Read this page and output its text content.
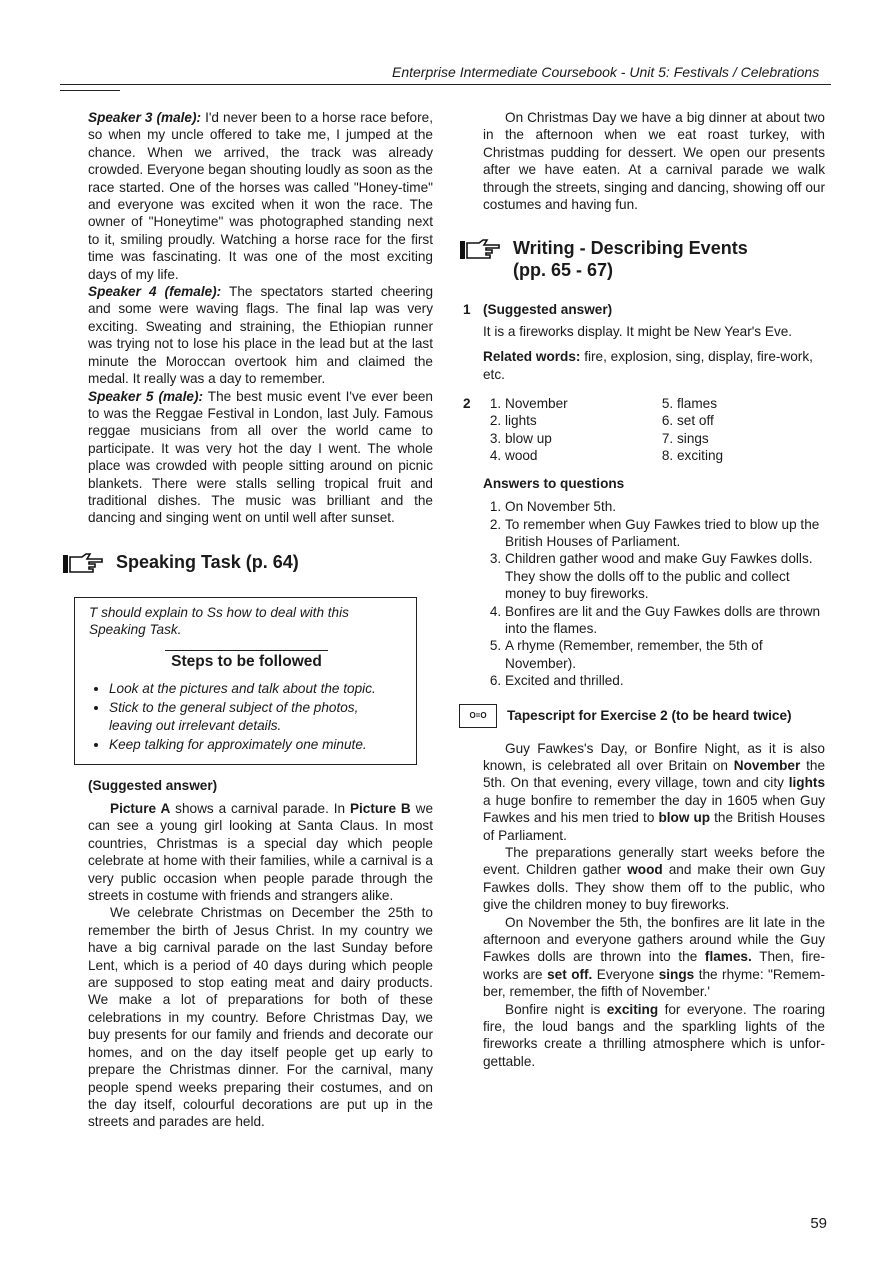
Enterprise Intermediate Coursebook - Unit 5: Festivals / Celebrations

Speaker 3 (male): I'd never been to a horse race before, so when my uncle offered to take me, I jumped at the chance. When we arrived, the track was already crowded. Everyone began shouting loudly as soon as the race started. One of the horses was called "Honey-time" and everyone was excited when it won the race. The owner of "Honeytime" was photographed standing next to it, smiling proudly. Watching a horse race for the first time was fascinating. It was one of the most exciting days of my life.

Speaker 4 (female): The spectators started cheering and some were waving flags. The final lap was very exciting. Sweating and straining, the Ethiopian runner was trying not to lose his place in the lead but at the last minute the Moroccan overtook him and claimed the medal. It really was a day to remember.

Speaker 5 (male): The best music event I've ever been to was the Reggae Festival in London, last July. Famous reggae musicians from all over the world came to participate. It was very hot the day I went. The whole place was crowded with people sitting around on picnic blankets. There were stalls selling tropical fruit and traditional dishes. The music was brilliant and the dancing and singing went on until well after sunset.

Speaking Task (p. 64)
T should explain to Ss how to deal with this Speaking Task.
Steps to be followed
• Look at the pictures and talk about the topic.
• Stick to the general subject of the photos, leaving out irrelevant details.
• Keep talking for approximately one minute.
(Suggested answer)

Picture A shows a carnival parade. In Picture B we can see a young girl looking at Santa Claus. In most countries, Christmas is a special day which people celebrate at home with their families, while a carnival is a very public occasion when people parade through the streets in costume with friends and strangers alike.

We celebrate Christmas on December the 25th to remember the birth of Jesus Christ. In my country we have a big carnival parade on the last Sunday before Lent, which is a period of 40 days during which people are supposed to stop eating meat and dairy products. We make a lot of preparations for both of these celebrations in my country. Before Christmas Day, we buy presents for our family and friends and decorate our homes, and on the day itself people get up early to prepare the Christmas dinner. For the carnival, many people spend weeks preparing their costumes, and on the day itself, colourful decorations are put up in the streets and parades are held.

On Christmas Day we have a big dinner at about two in the afternoon when we eat roast turkey, with Christmas pudding for dessert. We open our presents after we have eaten. At a carnival parade we walk through the streets, singing and dancing, showing off our costumes and having fun.

Writing - Describing Events
(pp. 65 - 67)
1 (Suggested answer)
It is a fireworks display. It might be New Year's Eve.
Related words: fire, explosion, sing, display, fire-work, etc.
2
1.	November
2. lights
3. blow up
4. wood
5. flames
6. set off
7. sings
8. exciting
Answers to questions
1. On November 5th.
2. To remember when Guy Fawkes tried to blow up the British Houses of Parliament.
3. Children gather wood and make Guy Fawkes dolls. They show the dolls off to the public and collect money to buy fireworks.
4. Bonfires are lit and the Guy Fawkes dolls are thrown into the flames.
5. A rhyme (Remember, remember, the 5th of November).
6. Excited and thrilled.
O=O	Tapescript for Exercise 2 (to be heard twice)

Guy Fawkes's Day, or Bonfire Night, as it is also known, is celebrated all over Britain on November the 5th. On that evening, every village, town and city lights a huge bonfire to remember the day in 1605 when Guy Fawkes and his men tried to blow up the British Houses of Parliament.

The preparations generally start weeks before the event. Children gather wood and make their own Guy Fawkes dolls. They show them off to the public, who give the children money to buy fireworks.

On November the 5th, the bonfires are lit late in the afternoon and everyone gathers around while the Guy Fawkes dolls are thrown into the flames. Then, fire-works are set off. Everyone sings the rhyme: "Remem-ber, remember, the fifth of November.'

Bonfire night is exciting for everyone. The roaring fire, the loud bangs and the sparkling lights of the fireworks create a thrilling atmosphere which is unfor-gettable.

59
